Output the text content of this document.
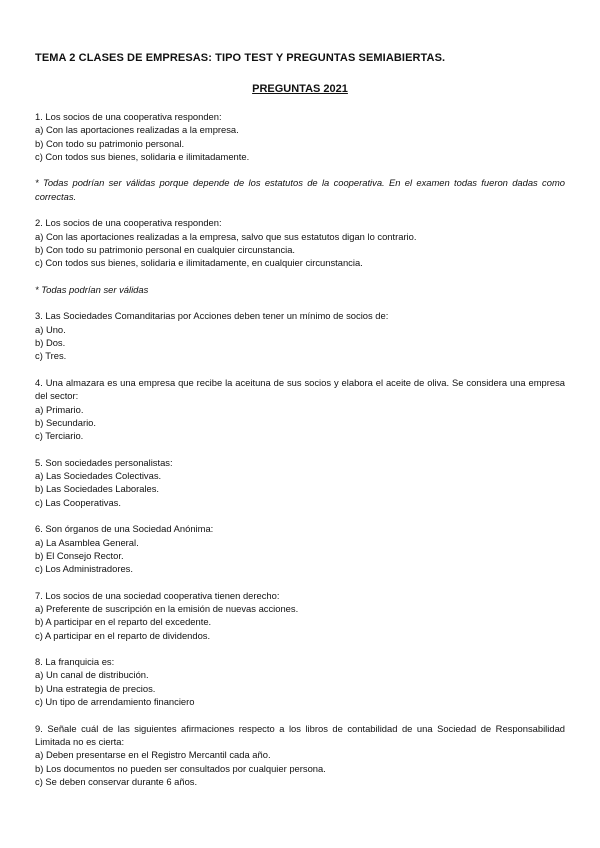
TEMA 2 CLASES DE EMPRESAS: TIPO TEST Y PREGUNTAS SEMIABIERTAS.
PREGUNTAS 2021
1. Los socios de una cooperativa responden:
a) Con las aportaciones realizadas a la empresa.
b) Con todo su patrimonio personal.
c) Con todos sus bienes, solidaria e ilimitadamente.
* Todas podrían ser válidas porque depende de los estatutos de la cooperativa. En el examen todas fueron dadas como correctas.
2. Los socios de una cooperativa responden:
a) Con las aportaciones realizadas a la empresa, salvo que sus estatutos digan lo contrario.
b) Con todo su patrimonio personal en cualquier circunstancia.
c) Con todos sus bienes, solidaria e ilimitadamente, en cualquier circunstancia.
* Todas podrían ser válidas
3. Las Sociedades Comanditarias por Acciones deben tener un mínimo de socios de:
a) Uno.
b) Dos.
c) Tres.
4. Una almazara es una empresa que recibe la aceituna de sus socios y elabora el aceite de oliva. Se considera una empresa del sector:
a) Primario.
b) Secundario.
c) Terciario.
5. Son sociedades personalistas:
a) Las Sociedades Colectivas.
b) Las Sociedades Laborales.
c) Las Cooperativas.
6. Son órganos de una Sociedad Anónima:
a) La Asamblea General.
b) El Consejo Rector.
c) Los Administradores.
7. Los socios de una sociedad cooperativa tienen derecho:
a) Preferente de suscripción en la emisión de nuevas acciones.
b) A participar en el reparto del excedente.
c) A participar en el reparto de dividendos.
8. La franquicia es:
a) Un canal de distribución.
b) Una estrategia de precios.
c) Un tipo de arrendamiento financiero
9. Señale cuál de las siguientes afirmaciones respecto a los libros de contabilidad de una Sociedad de Responsabilidad Limitada no es cierta:
a) Deben presentarse en el Registro Mercantil cada año.
b) Los documentos no pueden ser consultados por cualquier persona.
c) Se deben conservar durante 6 años.
